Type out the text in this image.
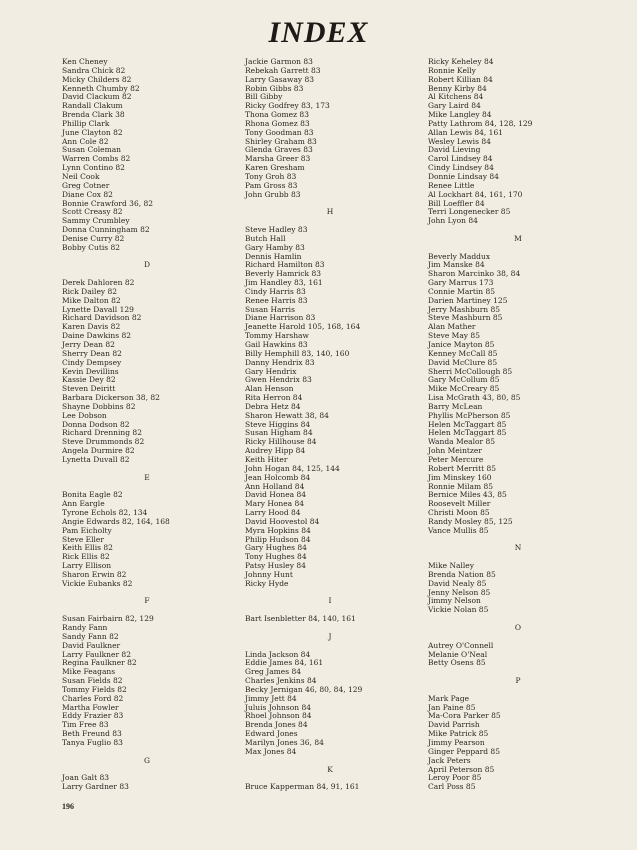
INDEX
Ken Cheney
Sandra Chick 82
Micky Childers 82
Kenneth Chumby 82
David Clackum 82
Randall Clakum
Brenda Clark 38
Phillip Clark
June Clayton 82
Ann Cole 82
Susan Coleman
Warren Combs 82
Lynn Contino 82
Neil Cook
Greg Cotner
Diane Cox 82
Bonnie Crawford 36, 82
Scott Creasy 82
Sammy Crumbley
Donna Cunningham 82
Denise Curry 82
Bobby Cutis 82

D

Derek Dahloren 82
Rick Dailey 82
Mike Dalton 82
Lynette Davall 129
Richard Davidson 82
Karen Davis 82
Daine Dawkins 82
Jerry Dean 82
Sherry Dean 82
Cindy Dempsey
Kevin Devillins
Kassie Dey 82
Steven Deiritt
Barbara Dickerson 38, 82
Shayne Dobbins 82
Lee Dobson
Donna Dodson 82
Richard Drenning 82
Steve Drummonds 82
Angela Durmire 82
Lynetta Duvall 82

E

Bonita Eagle 82
Ann Eargle
Tyrone Echols 82, 134
Angie Edwards 82, 164, 168
Pam Eicholty
Steve Eller
Keith Ellis 82
Rick Ellis 82
Larry Ellison
Sharon Erwin 82
Vickie Eubanks 82

F

Susan Fairbairn 82, 129
Randy Fann
Sandy Fann 82
David Faulkner
Larry Faulkner 82
Regina Faulkner 82
Mike Feagans
Susan Fields 82
Tommy Fields 82
Charles Ford 82
Martha Fowler
Eddy Frazier 83
Tim Free 83
Beth Freund 83
Tanya Fuglio 83

G

Joan Galt 83
Larry Gardner 83
Jackie Garmon 83
Rebekah Garrett 83
Larry Gasaway 83
Robin Gibbs 83
Bill Gibby
Ricky Godfrey 83, 173
Thona Gomez 83
Rhona Gomez 83
Tony Goodman 83
Shirley Graham 83
Glenda Graves 83
Marsha Greer 83
Karen Gresham
Tony Groh 83
Pam Gross 83
John Grubb 83

H

Steve Hadley 83
Butch Hall
Gary Hamby 83
Dennis Hamlin
Richard Hamilton 83
Beverly Hamrick 83
Jim Handley 83, 161
Cindy Harris 83
Renee Harris 83
Susan Harris
Diane Harrison 83
Jeanette Harold 105, 168, 164
Tommy Harshaw
Gail Hawkins 83
Billy Hemphill 83, 140, 160
Danny Hendrix 83
Gary Hendrix
Gwen Hendrix 83
Alan Henson
Rita Herron 84
Debra Hetz 84
Sharon Hewatt 38, 84
Steve Higgins 84
Susan Higham 84
Ricky Hillhouse 84
Audrey Hipp 84
Keith Hiter
John Hogan 84, 125, 144
Jean Holcomb 84
Ann Holland 84
David Honea 84
Mary Honea 84
Larry Hood 84
David Hoovestol 84
Myra Hopkins 84
Philip Hudson 84
Gary Hughes 84
Tony Hughes 84
Patsy Husley 84
Johnny Hunt
Ricky Hyde

I

Bart Isenbletter 84, 140, 161

J

Linda Jackson 84
Eddie James 84, 161
Greg James 84
Charles Jenkins 84
Becky Jernigan 46, 80, 84, 129
Jimmy Jett 84
Juluis Johnson 84
Rhoel Johnson 84
Brenda Jones 84
Edward Jones
Marilyn Jones 36, 84
Max Jones 84

K

Bruce Kapperman 84, 91, 161
Ricky Keheley 84
Ronnie Kelly
Robert Killian 84
Benny Kirby 84
Al Kitchens 84
Gary Laird 84
Mike Langley 84
Patty Lathrom 84, 128, 129
Allan Lewis 84, 161
Wesley Lewis 84
David Lieving
Carol Lindsey 84
Cindy Lindsey 84
Donnie Lindsay 84
Renee Little
Al Lockhart 84, 161, 170
Bill Loeffler 84
Terri Longenecker 85
John Lyon 84

M

Beverly Maddux
Jim Manske 84
Sharon Marcinko 38, 84
Gary Marrus 173
Connie Martin 85
Darien Martiney 125
Jerry Mashburn 85
Steve Mashburn 85
Alan Mather
Steve May 85
Janice Mayton 85
Kenney McCall 85
David McClure 85
Sherri McCollough 85
Gary McCollum 85
Mike McCreary 85
Lisa McGrath 43, 80, 85
Barry McLean
Phyllis McPherson 85
Helen McTaggart 85
Helen McTaggart 85
Wanda Mealor 85
John Meintzer
Peter Mercure
Robert Merritt 85
Jim Minskey 160
Ronnie Milam 85
Bernice Miles 43, 85
Roosevelt Miller
Christi Moon 85
Randy Mosley 85, 125
Vance Mullis 85

N

Mike Nalley
Brenda Nation 85
David Nealy 85
Jenny Nelson 85
Jimmy Nelson
Vickie Nolan 85

O

Autrey O'Connell
Melanie O'Neal
Betty Osens 85

P

Mark Page
Jan Paine 85
Ma-Cora Parker 85
David Parrish
Mike Patrick 85
Jimmy Pearson
Ginger Peppard 85
Jack Peters
April Peterson 85
Leroy Poor 85
Carl Poss 85
196
